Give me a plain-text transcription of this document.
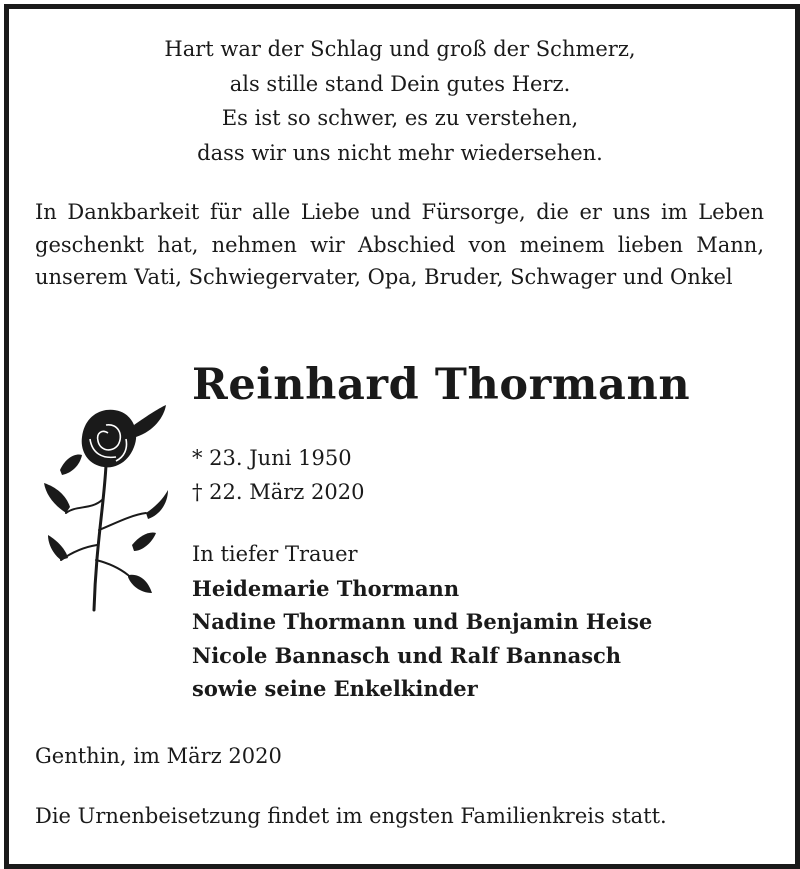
Hart war der Schlag und groß der Schmerz,
als stille stand Dein gutes Herz.
Es ist so schwer, es zu verstehen,
dass wir uns nicht mehr wiedersehen.
In Dankbarkeit für alle Liebe und Fürsorge, die er uns im Leben geschenkt hat, nehmen wir Abschied von meinem lieben Mann, unserem Vati, Schwiegervater, Opa, Bruder, Schwager und Onkel
Reinhard Thormann
* 23. Juni 1950
† 22. März 2020
In tiefer Trauer
Heidemarie Thormann
Nadine Thormann und Benjamin Heise
Nicole Bannasch und Ralf Bannasch
sowie seine Enkelkinder
Genthin, im März 2020
Die Urnenbeisetzung findet im engsten Familienkreis statt.
